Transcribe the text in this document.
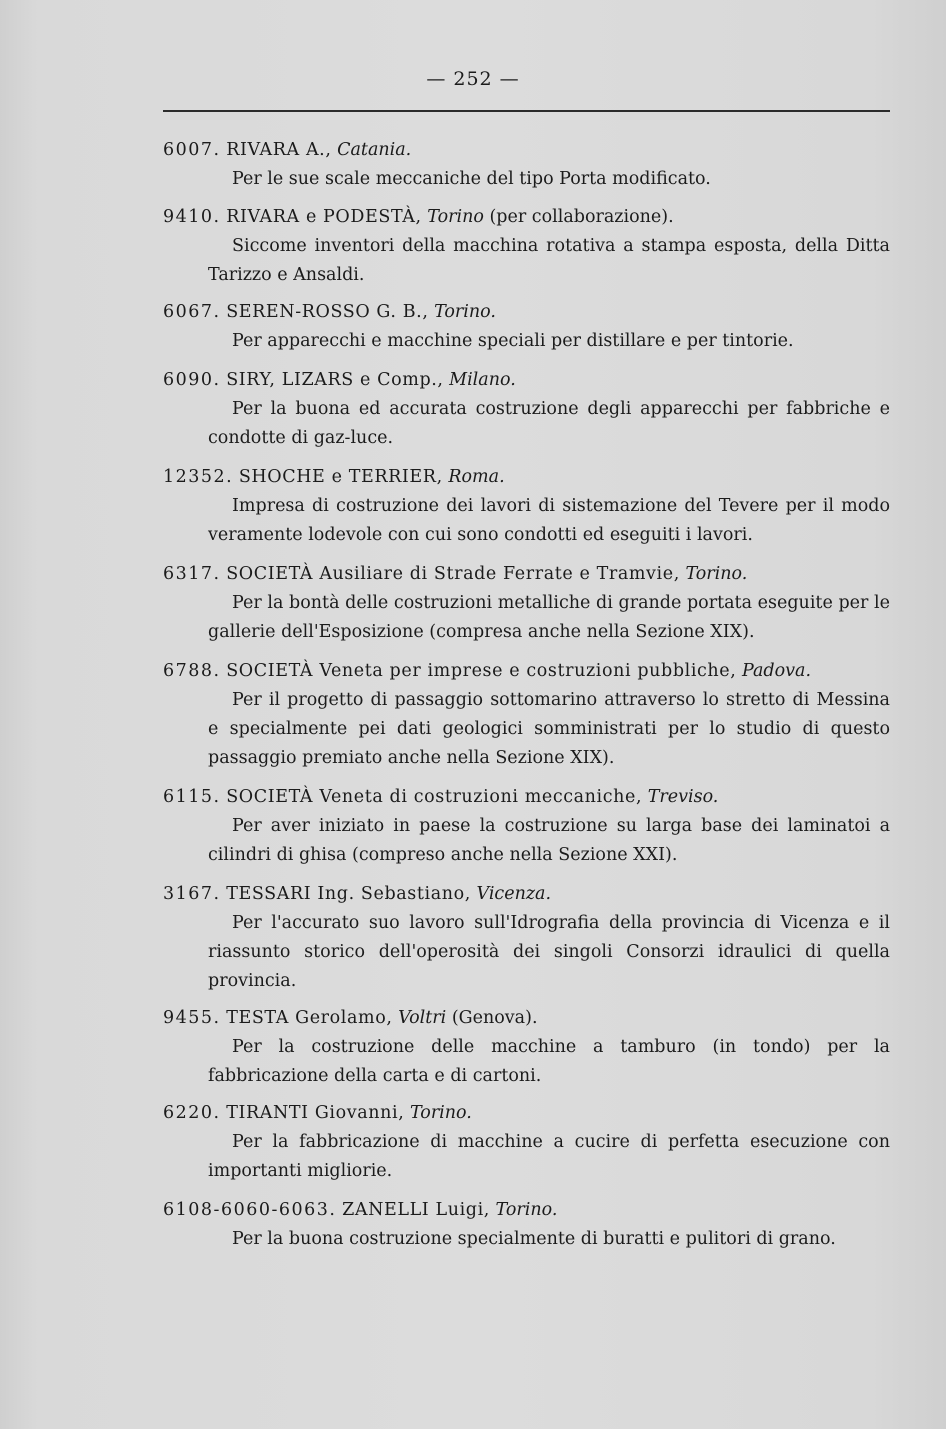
— 252 —
6007. RIVARA A., Catania.
Per le sue scale meccaniche del tipo Porta modificato.
9410. RIVARA e PODESTÀ, Torino (per collaborazione).
Siccome inventori della macchina rotativa a stampa esposta, della Ditta Tarizzo e Ansaldi.
6067. SEREN-ROSSO G. B., Torino.
Per apparecchi e macchine speciali per distillare e per tintorie.
6090. SIRY, LIZARS e Comp., Milano.
Per la buona ed accurata costruzione degli apparecchi per fabbriche e condotte di gaz-luce.
12352. SHOCHE e TERRIER, Roma.
Impresa di costruzione dei lavori di sistemazione del Tevere per il modo veramente lodevole con cui sono condotti ed eseguiti i lavori.
6317. SOCIETÀ Ausiliare di Strade Ferrate e Tramvie, Torino.
Per la bontà delle costruzioni metalliche di grande portata eseguite per le gallerie dell'Esposizione (compresa anche nella Sezione XIX).
6788. SOCIETÀ Veneta per imprese e costruzioni pubbliche, Padova.
Per il progetto di passaggio sottomarino attraverso lo stretto di Messina e specialmente pei dati geologici somministrati per lo studio di questo passaggio premiato anche nella Sezione XIX).
6115. SOCIETÀ Veneta di costruzioni meccaniche, Treviso.
Per aver iniziato in paese la costruzione su larga base dei laminatoi a cilindri di ghisa (compreso anche nella Sezione XXI).
3167. TESSARI Ing. Sebastiano, Vicenza.
Per l'accurato suo lavoro sull'Idrografia della provincia di Vicenza e il riassunto storico dell'operosità dei singoli Consorzi idraulici di quella provincia.
9455. TESTA Gerolamo, Voltri (Genova).
Per la costruzione delle macchine a tamburo (in tondo) per la fabbricazione della carta e di cartoni.
6220. TIRANTI Giovanni, Torino.
Per la fabbricazione di macchine a cucire di perfetta esecuzione con importanti migliorie.
6108-6060-6063. ZANELLI Luigi, Torino.
Per la buona costruzione specialmente di buratti e pulitori di grano.
